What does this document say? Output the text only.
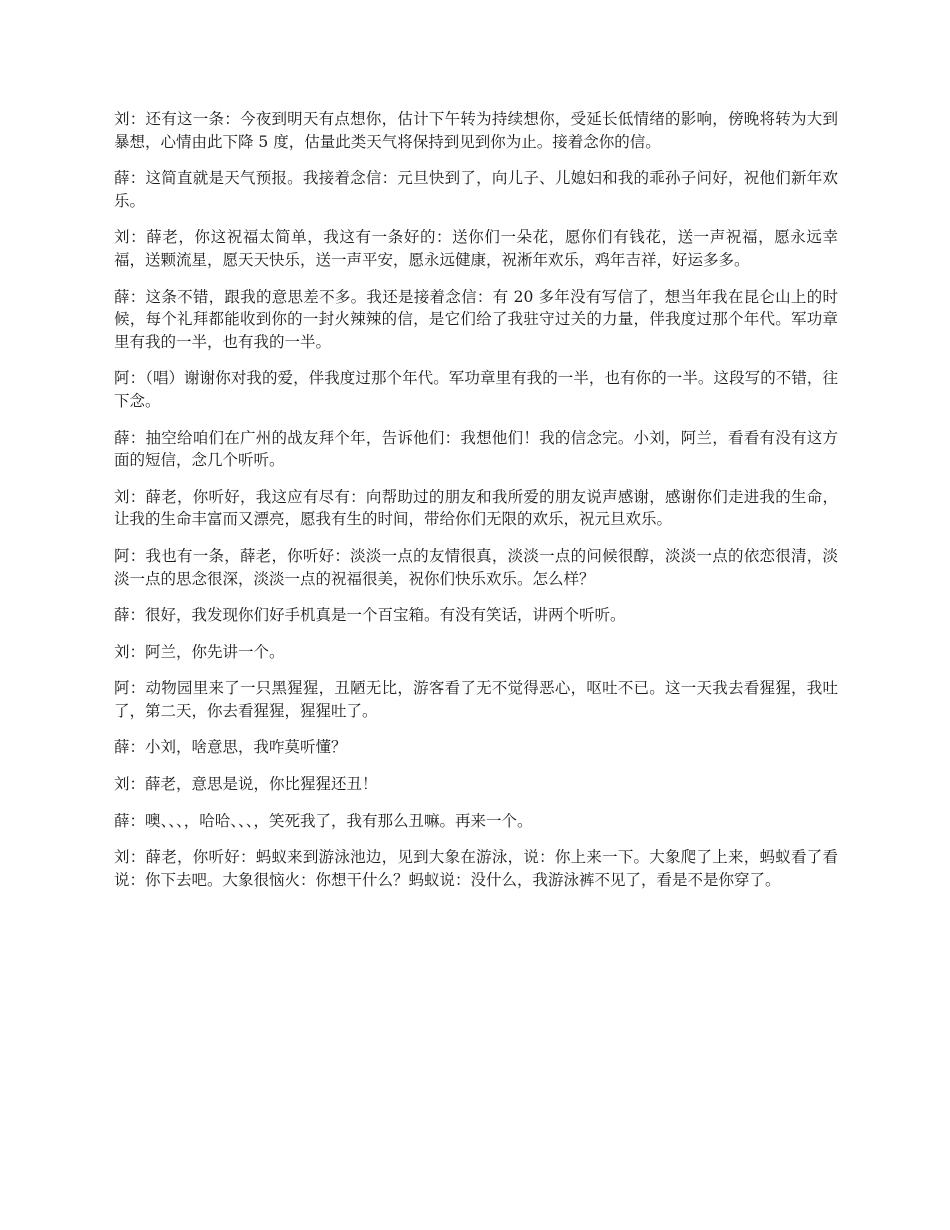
刘：还有这一条：今夜到明天有点想你，估计下午转为持续想你，受延长低情绪的影响，傍晚将转为大到暴想，心情由此下降 5 度，估量此类天气将保持到见到你为止。接着念你的信。

薛：这简直就是天气预报。我接着念信：元旦快到了，向儿子、儿媳妇和我的乖孙子问好，祝他们新年欢乐。

刘：薛老，你这祝福太简单，我这有一条好的：送你们一朵花，愿你们有钱花，送一声祝福，愿永远幸福，送颗流星，愿天天快乐，送一声平安，愿永远健康，祝淅年欢乐，鸡年吉祥，好运多多。

薛：这条不错，跟我的意思差不多。我还是接着念信：有 20 多年没有写信了，想当年我在昆仑山上的时候，每个礼拜都能收到你的一封火辣辣的信，是它们给了我驻守过关的力量，伴我度过那个年代。军功章里有我的一半，也有我的一半。

阿：（唱）谢谢你对我的爱，伴我度过那个年代。军功章里有我的一半，也有你的一半。这段写的不错，往下念。

薛：抽空给咱们在广州的战友拜个年，告诉他们：我想他们！我的信念完。小刘，阿兰，看看有没有这方面的短信，念几个听听。

刘：薛老，你听好，我这应有尽有：向帮助过的朋友和我所爱的朋友说声感谢，感谢你们走进我的生命，让我的生命丰富而又漂亮，愿我有生的时间，带给你们无限的欢乐，祝元旦欢乐。

阿：我也有一条，薛老，你听好：淡淡一点的友情很真，淡淡一点的问候很醇，淡淡一点的依恋很清，淡淡一点的思念很深，淡淡一点的祝福很美，祝你们快乐欢乐。怎么样？

薛：很好，我发现你们好手机真是一个百宝箱。有没有笑话，讲两个听听。

刘：阿兰，你先讲一个。

阿：动物园里来了一只黑猩猩，丑陋无比，游客看了无不觉得恶心，呕吐不已。这一天我去看猩猩，我吐了，第二天，你去看猩猩，猩猩吐了。

薛：小刘，啥意思，我咋莫听懂？

刘：薛老，意思是说，你比猩猩还丑！

薛：噢、、、，哈哈、、、，笑死我了，我有那么丑嘛。再来一个。

刘：薛老，你听好：蚂蚁来到游泳池边，见到大象在游泳，说：你上来一下。大象爬了上来，蚂蚁看了看说：你下去吧。大象很恼火：你想干什么？蚂蚁说：没什么，我游泳裤不见了，看是不是你穿了。
